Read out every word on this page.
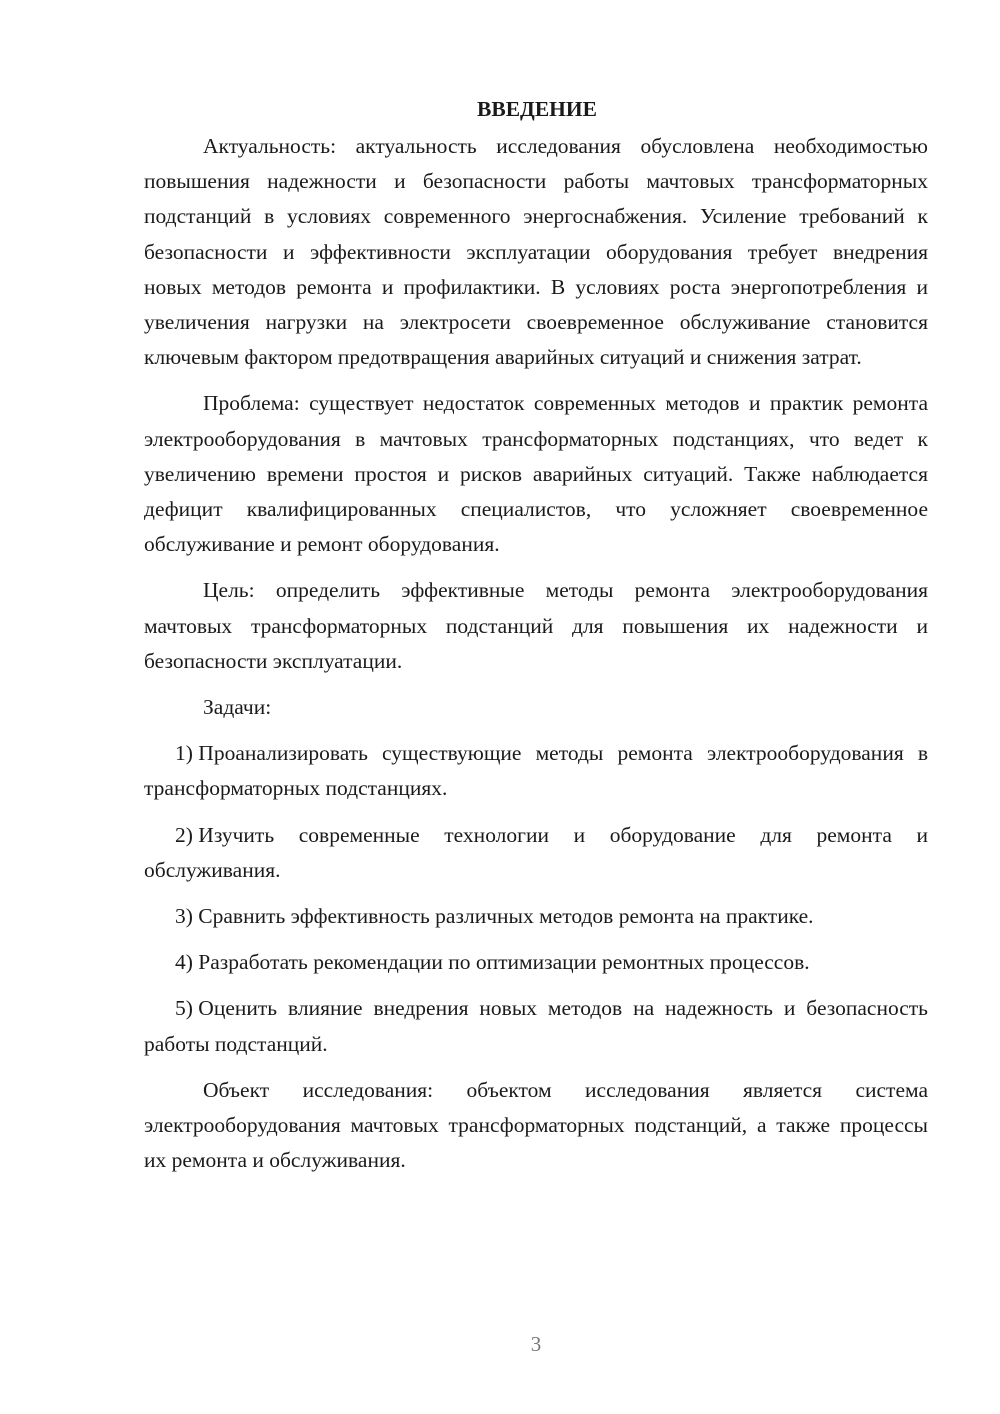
ВВЕДЕНИЕ

Актуальность: актуальность исследования обусловлена необходимостью повышения надежности и безопасности работы мачтовых трансформаторных подстанций в условиях современного энергоснабжения. Усиление требований к безопасности и эффективности эксплуатации оборудования требует внедрения новых методов ремонта и профилактики. В условиях роста энергопотребления и увеличения нагрузки на электросети своевременное обслуживание становится ключевым фактором предотвращения аварийных ситуаций и снижения затрат.

Проблема: существует недостаток современных методов и практик ремонта электрооборудования в мачтовых трансформаторных подстанциях, что ведет к увеличению времени простоя и рисков аварийных ситуаций. Также наблюдается дефицит квалифицированных специалистов, что усложняет своевременное обслуживание и ремонт оборудования.

Цель: определить эффективные методы ремонта электрооборудования мачтовых трансформаторных подстанций для повышения их надежности и безопасности эксплуатации.

Задачи:

1) Проанализировать существующие методы ремонта электрооборудования в трансформаторных подстанциях.

2) Изучить современные технологии и оборудование для ремонта и обслуживания.

3) Сравнить эффективность различных методов ремонта на практике.

4) Разработать рекомендации по оптимизации ремонтных процессов.

5) Оценить влияние внедрения новых методов на надежность и безопасность работы подстанций.

Объект исследования: объектом исследования является система электрооборудования мачтовых трансформаторных подстанций, а также процессы их ремонта и обслуживания.

3
